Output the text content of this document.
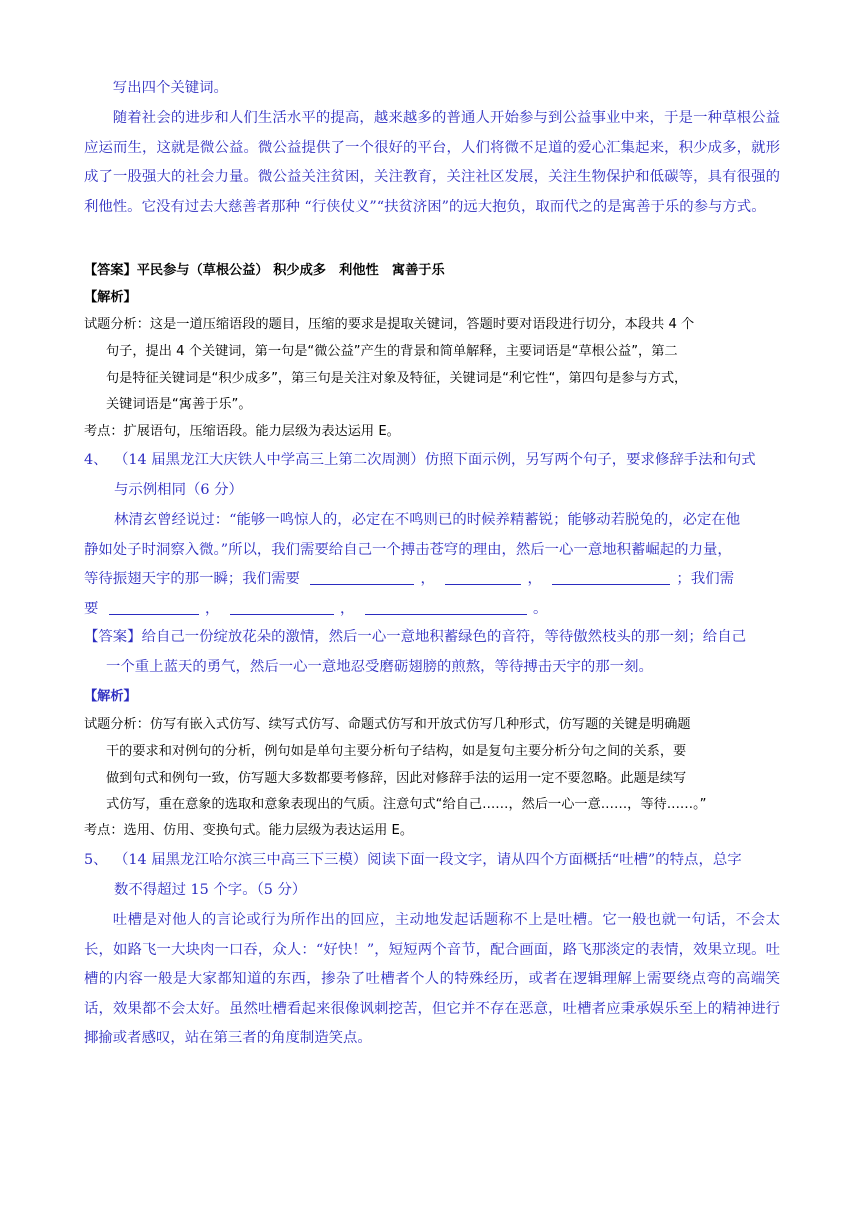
写出四个关键词。
随着社会的进步和人们生活水平的提高，越来越多的普通人开始参与到公益事业中来，于是一种草根公益应运而生，这就是微公益。微公益提供了一个很好的平台，人们将微不足道的爱心汇集起来，积少成多，就形成了一股强大的社会力量。微公益关注贫困，关注教育，关注社区发展，关注生物保护和低碳等，具有很强的利他性。它没有过去大慈善者那种 “行侠仗义”“扶贫济困”的远大抱负，取而代之的是寓善于乐的参与方式。
【答案】平民参与（草根公益） 积少成多　利他性　寓善于乐
【解析】
试题分析：这是一道压缩语段的题目，压缩的要求是提取关键词，答题时要对语段进行切分，本段共 4 个
句子，提出 4 个关键词，第一句是“微公益”产生的背景和简单解释，主要词语是“草根公益”，第二
句是特征关键词是“积少成多”，第三句是关注对象及特征，关键词是“利它性“，第四句是参与方式，
关键词语是“寓善于乐”。
考点：扩展语句，压缩语段。能力层级为表达运用 E。
4、 （14 届黑龙江大庆铁人中学高三上第二次周测）仿照下面示例，另写两个句子，要求修辞手法和句式
与示例相同（6 分）
林清玄曾经说过：“能够一鸣惊人的，必定在不鸣则已的时候养精蓄锐；能够动若脱兔的，必定在他
静如处子时洞察入微。”所以，我们需要给自己一个搏击苍穹的理由，然后一心一意地积蓄崛起的力量，
等待振翅天宇的那一瞬；我们需要	，	，	；我们需
要	，	，	。
【答案】给自己一份绽放花朵的激情，然后一心一意地积蓄绿色的音符，等待傲然枝头的那一刻；给自己
一个重上蓝天的勇气，然后一心一意地忍受磨砺翅膀的煎熬，等待搏击天宇的那一刻。
【解析】
试题分析：仿写有嵌入式仿写、续写式仿写、命题式仿写和开放式仿写几种形式，仿写题的关键是明确题
干的要求和对例句的分析，例句如是单句主要分析句子结构，如是复句主要分析分句之间的关系，要
做到句式和例句一致，仿写题大多数都要考修辞，因此对修辞手法的运用一定不要忽略。此题是续写
式仿写，重在意象的选取和意象表现出的气质。注意句式“给自己……，然后一心一意……，等待……。”
考点：选用、仿用、变换句式。能力层级为表达运用 E。
5、 （14 届黑龙江哈尔滨三中高三下三模）阅读下面一段文字，请从四个方面概括“吐槽”的特点，总字
数不得超过 15 个字。（5 分）
吐槽是对他人的言论或行为所作出的回应，主动地发起话题称不上是吐槽。它一般也就一句话，不会太长，如路飞一大块肉一口吞，众人：“好快！”，短短两个音节，配合画面，路飞那淡定的表情，效果立现。吐槽的内容一般是大家都知道的东西，掺杂了吐槽者个人的特殊经历，或者在逻辑理解上需要绕点弯的高端笑话，效果都不会太好。虽然吐槽看起来很像讽刺挖苦，但它并不存在恶意，吐槽者应秉承娱乐至上的精神进行揶揄或者感叹，站在第三者的角度制造笑点。
